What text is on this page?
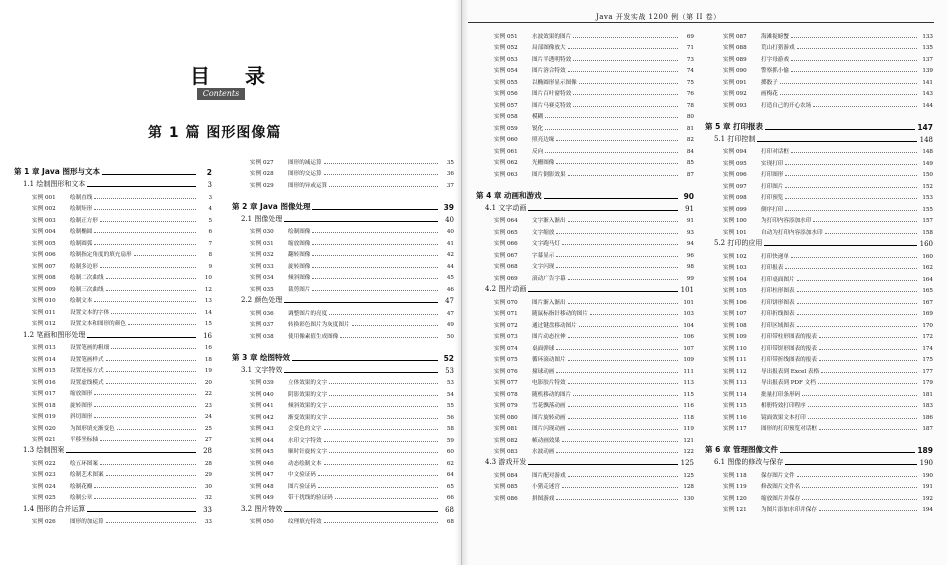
目 录
Contents
第 1 篇 图形图像篇
第 1 章 Java 图形与文本	2
1.1 绘制图形和文本	3
实例 001	绘制直线	3
实例 002	绘制矩形	4
实例 003	绘制正方形	5
实例 004	绘制椭圆	6
实例 005	绘制圆弧	7
实例 006	绘制指定角度的填充扇形	8
实例 007	绘制多边形	9
实例 008	绘制二次曲线	10
实例 009	绘制三次曲线	12
实例 010	绘制文本	13
实例 011	设置文本的字体	14
实例 012	设置文本和图形的颜色	15
1.2 笔画和图形处理	16
实例 013	设置笔画的粗细	16
实例 014	设置笔画样式	18
实例 015	设置连接方式	19
实例 016	设置虚线模式	20
实例 017	缩放图形	22
实例 018	旋转图形	23
实例 019	斜切图形	24
实例 020	为图形填充渐变色	25
实例 021	平移坐标轴	27
1.3 绘制图案	28
实例 022	绘五环图案	28
实例 023	绘制艺术图案	29
实例 024	绘制花瓣	30
实例 025	绘制公章	32
1.4 图形的合并运算	33
实例 026	图形的加运算	33
实例 027	图形的减运算	35
实例 028	图形的交运算	36
实例 029	图形的异或运算	37
第 2 章 Java 图像处理	39
2.1 图像处理	40
实例 030	绘制图像	40
实例 031	缩放图像	41
实例 032	翻转图像	42
实例 033	旋转图像	44
实例 034	倾斜图像	45
实例 035	裁剪图片	46
2.2 颜色处理	47
实例 036	调整图片的亮度	47
实例 037	转换彩色图片为灰度图片	49
实例 038	使用像素值生成图像	50
第 3 章 绘图特效	52
3.1 文字特效	53
实例 039	立体效果的文字	53
实例 040	阴影效果的文字	54
实例 041	倾斜效果的文字	55
实例 042	渐变效果的文字	56
实例 043	会变色的文字	58
实例 044	水印文字特效	59
实例 045	顺时针旋转文字	60
实例 046	动态绘制文本	62
实例 047	中文验证码	64
实例 048	图片验证码	65
实例 049	带干扰线的验证码	66
3.2 图片特效	68
实例 050	纹理填充特效	68
Java 开发实战 1200 例（第 II 卷）
实例 051	水波效果的图片	69
实例 052	局部图像放大	71
实例 053	图片半透明特效	73
实例 054	图片溶合特效	74
实例 055	以椭圆形显示图像	75
实例 056	图片百叶窗特效	76
实例 057	图片马赛克特效	78
实例 058	模糊	80
实例 059	锐化	81
实例 060	照亮边缘	82
实例 061	反向	84
实例 062	光栅图像	85
实例 063	图片倒影效果	87
第 4 章 动画和游戏	90
4.1 文字动画	91
实例 064	文字渐入渐出	91
实例 065	文字缩放	93
实例 066	文字跑马灯	94
实例 067	字幕显示	96
实例 068	文字闪现	98
实例 069	滚动广告字幕	99
4.2 图片动画	101
实例 070	图片渐入渐出	101
实例 071	随鼠标指针移动的图片	103
实例 072	通过键盘移动图片	104
实例 073	图片动态拉伸	106
实例 074	桌面弹球	107
实例 075	循环滚动图片	109
实例 076	撞球动画	111
实例 077	电影胶片特效	113
实例 078	随机移动的图片	115
实例 079	雪花飘落动画	116
实例 080	图片旋转动画	118
实例 081	图片闪现动画	119
实例 082	帧动画效果	121
实例 083	水波动画	122
4.3 游戏开发	125
实例 084	图片配对游戏	125
实例 085	小猪走迷宫	128
实例 086	拼图游戏	130
实例 087	海滩捉螃蟹	133
实例 088	荒山打猎游戏	135
实例 089	打字母游戏	137
实例 090	警察抓小偷	139
实例 091	掷骰子	141
实例 092	画梅花	143
实例 093	打造自己的开心农场	144
第 5 章 打印报表	147
5.1 打印控制	148
实例 094	打印对话框	148
实例 095	实现打印	149
实例 096	打印图形	150
实例 097	打印图片	152
实例 098	打印预览	153
实例 099	倒序打印	155
实例 100	为打印内容添加水印	157
实例 101	自动为打印内容添加水印	158
5.2 打印的应用	160
实例 102	打印快递单	160
实例 103	打印报表	162
实例 104	打印桌面图片	164
实例 105	打印柱形图表	165
实例 106	打印饼形图表	167
实例 107	打印折线图表	169
实例 108	打印区域图表	170
实例 109	打印带柱形图表的报表	172
实例 110	打印带饼形图表的报表	174
实例 111	打印带折线图表的报表	175
实例 112	导出报表到 Excel 表格	177
实例 113	导出报表到 PDF 文档	179
实例 114	批量打印条形码	181
实例 115	相册特效打印程序	183
实例 116	镜面效果文本打印	186
实例 117	图形的打印预览对话框	187
第 6 章 管理图像文件	189
6.1 图像的修改与保存	190
实例 118	保存图片文件	190
实例 119	修改图片文件名	191
实例 120	缩放图片并保存	192
实例 121	为图片添加水印并保存	194
